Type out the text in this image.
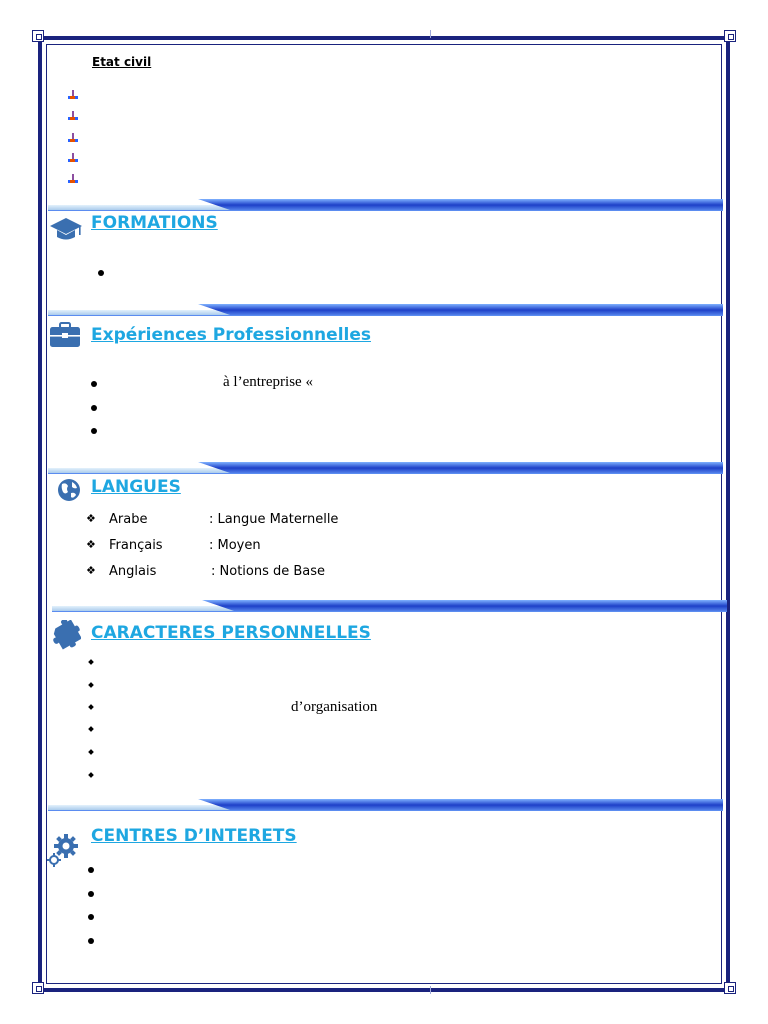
Etat civil
FORMATIONS
Expériences Professionnelles
à l’entreprise «
LANGUES
❖ Arabe	: Langue Maternelle
❖ Français	: Moyen
❖ Anglais	: Notions de Base
CARACTERES PERSONNELLES
d’organisation
CENTRES D’INTERETS
